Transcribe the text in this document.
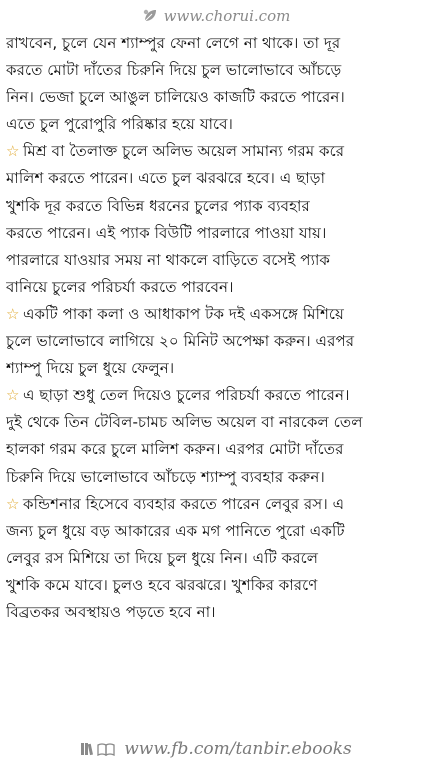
www.chorui.com
রাখবেন, চুলে যেন শ্যাম্পুর ফেনা লেগে না থাকে। তা দূর
করতে মোটা দাঁতের চিরুনি দিয়ে চুল ভালোভাবে আঁচড়ে
নিন। ভেজা চুলে আঙুল চালিয়েও কাজটি করতে পারেন।
এতে চুল পুরোপুরি পরিষ্কার হয়ে যাবে।
☆ মিশ্র বা তৈলাক্ত চুলে অলিভ অয়েল সামান্য গরম করে
মালিশ করতে পারেন। এতে চুল ঝরঝরে হবে। এ ছাড়া
খুশকি দূর করতে বিভিন্ন ধরনের চুলের প্যাক ব্যবহার
করতে পারেন। এই প্যাক বিউটি পারলারে পাওয়া যায়।
পারলারে যাওয়ার সময় না থাকলে বাড়িতে বসেই প্যাক
বানিয়ে চুলের পরিচর্যা করতে পারবেন।
☆ একটি পাকা কলা ও আধাকাপ টক দই একসঙ্গে মিশিয়ে
চুলে ভালোভাবে লাগিয়ে ২০ মিনিট অপেক্ষা করুন। এরপর
শ্যাম্পু দিয়ে চুল ধুয়ে ফেলুন।
☆ এ ছাড়া শুধু তেল দিয়েও চুলের পরিচর্যা করতে পারেন।
দুই থেকে তিন টেবিল-চামচ অলিভ অয়েল বা নারকেল তেল
হালকা গরম করে চুলে মালিশ করুন। এরপর মোটা দাঁতের
চিরুনি দিয়ে ভালোভাবে আঁচড়ে শ্যাম্পু ব্যবহার করুন।
☆ কন্ডিশনার হিসেবে ব্যবহার করতে পারেন লেবুর রস। এ
জন্য চুল ধুয়ে বড় আকারের এক মগ পানিতে পুরো একটি
লেবুর রস মিশিয়ে তা দিয়ে চুল ধুয়ে নিন। এটি করলে
খুশকি কমে যাবে। চুলও হবে ঝরঝরে। খুশকির কারণে
বিব্রতকর অবস্থায়ও পড়তে হবে না।
www.fb.com/tanbir.ebooks
